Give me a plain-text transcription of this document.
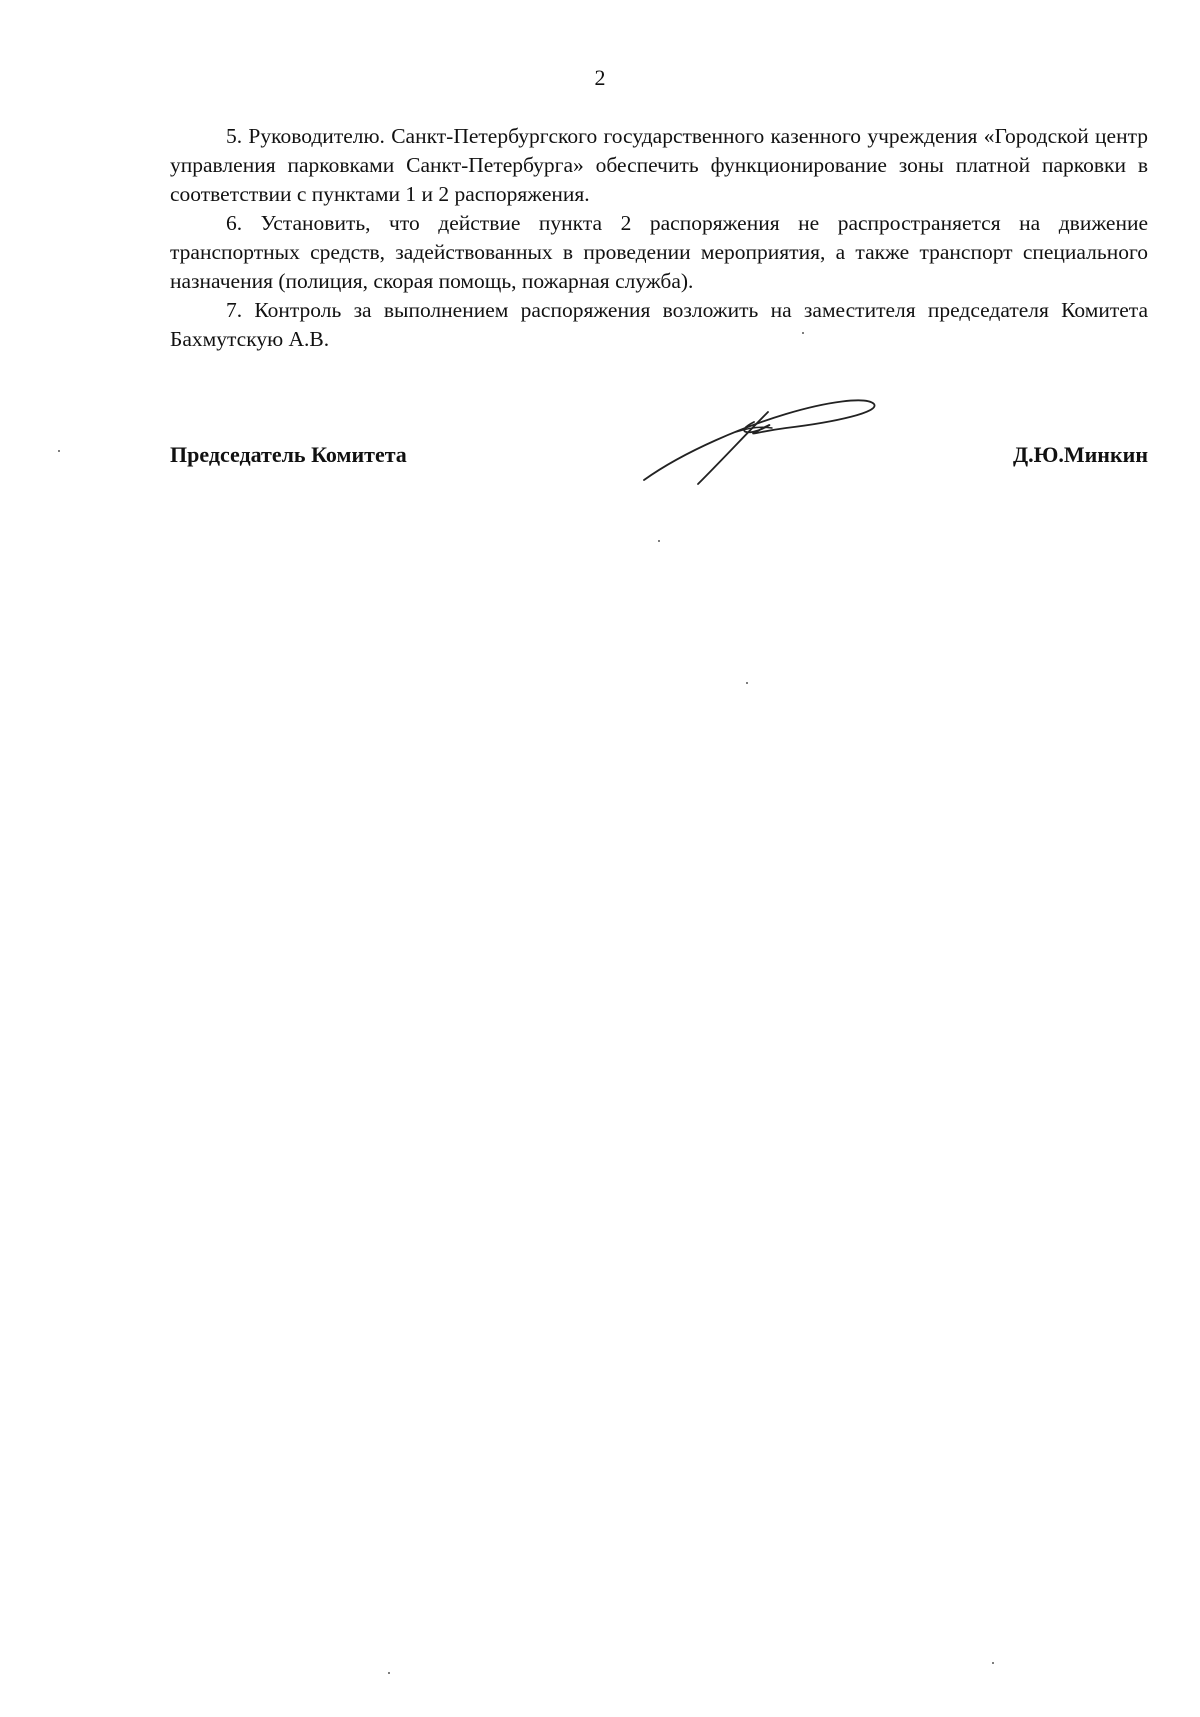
2

5. Руководителю. Санкт-Петербургского государственного казенного учреждения «Городской центр управления парковками Санкт-Петербурга» обеспечить функционирование зоны платной парковки в соответствии с пунктами 1 и 2 распоряжения.

6. Установить, что действие пункта 2 распоряжения не распространяется на движение транспортных средств, задействованных в проведении мероприятия, а также транспорт специального назначения (полиция, скорая помощь, пожарная служба).

7. Контроль за выполнением распоряжения возложить на заместителя председателя Комитета Бахмутскую А.В.

Председатель Комитета	Д.Ю.Минкин
